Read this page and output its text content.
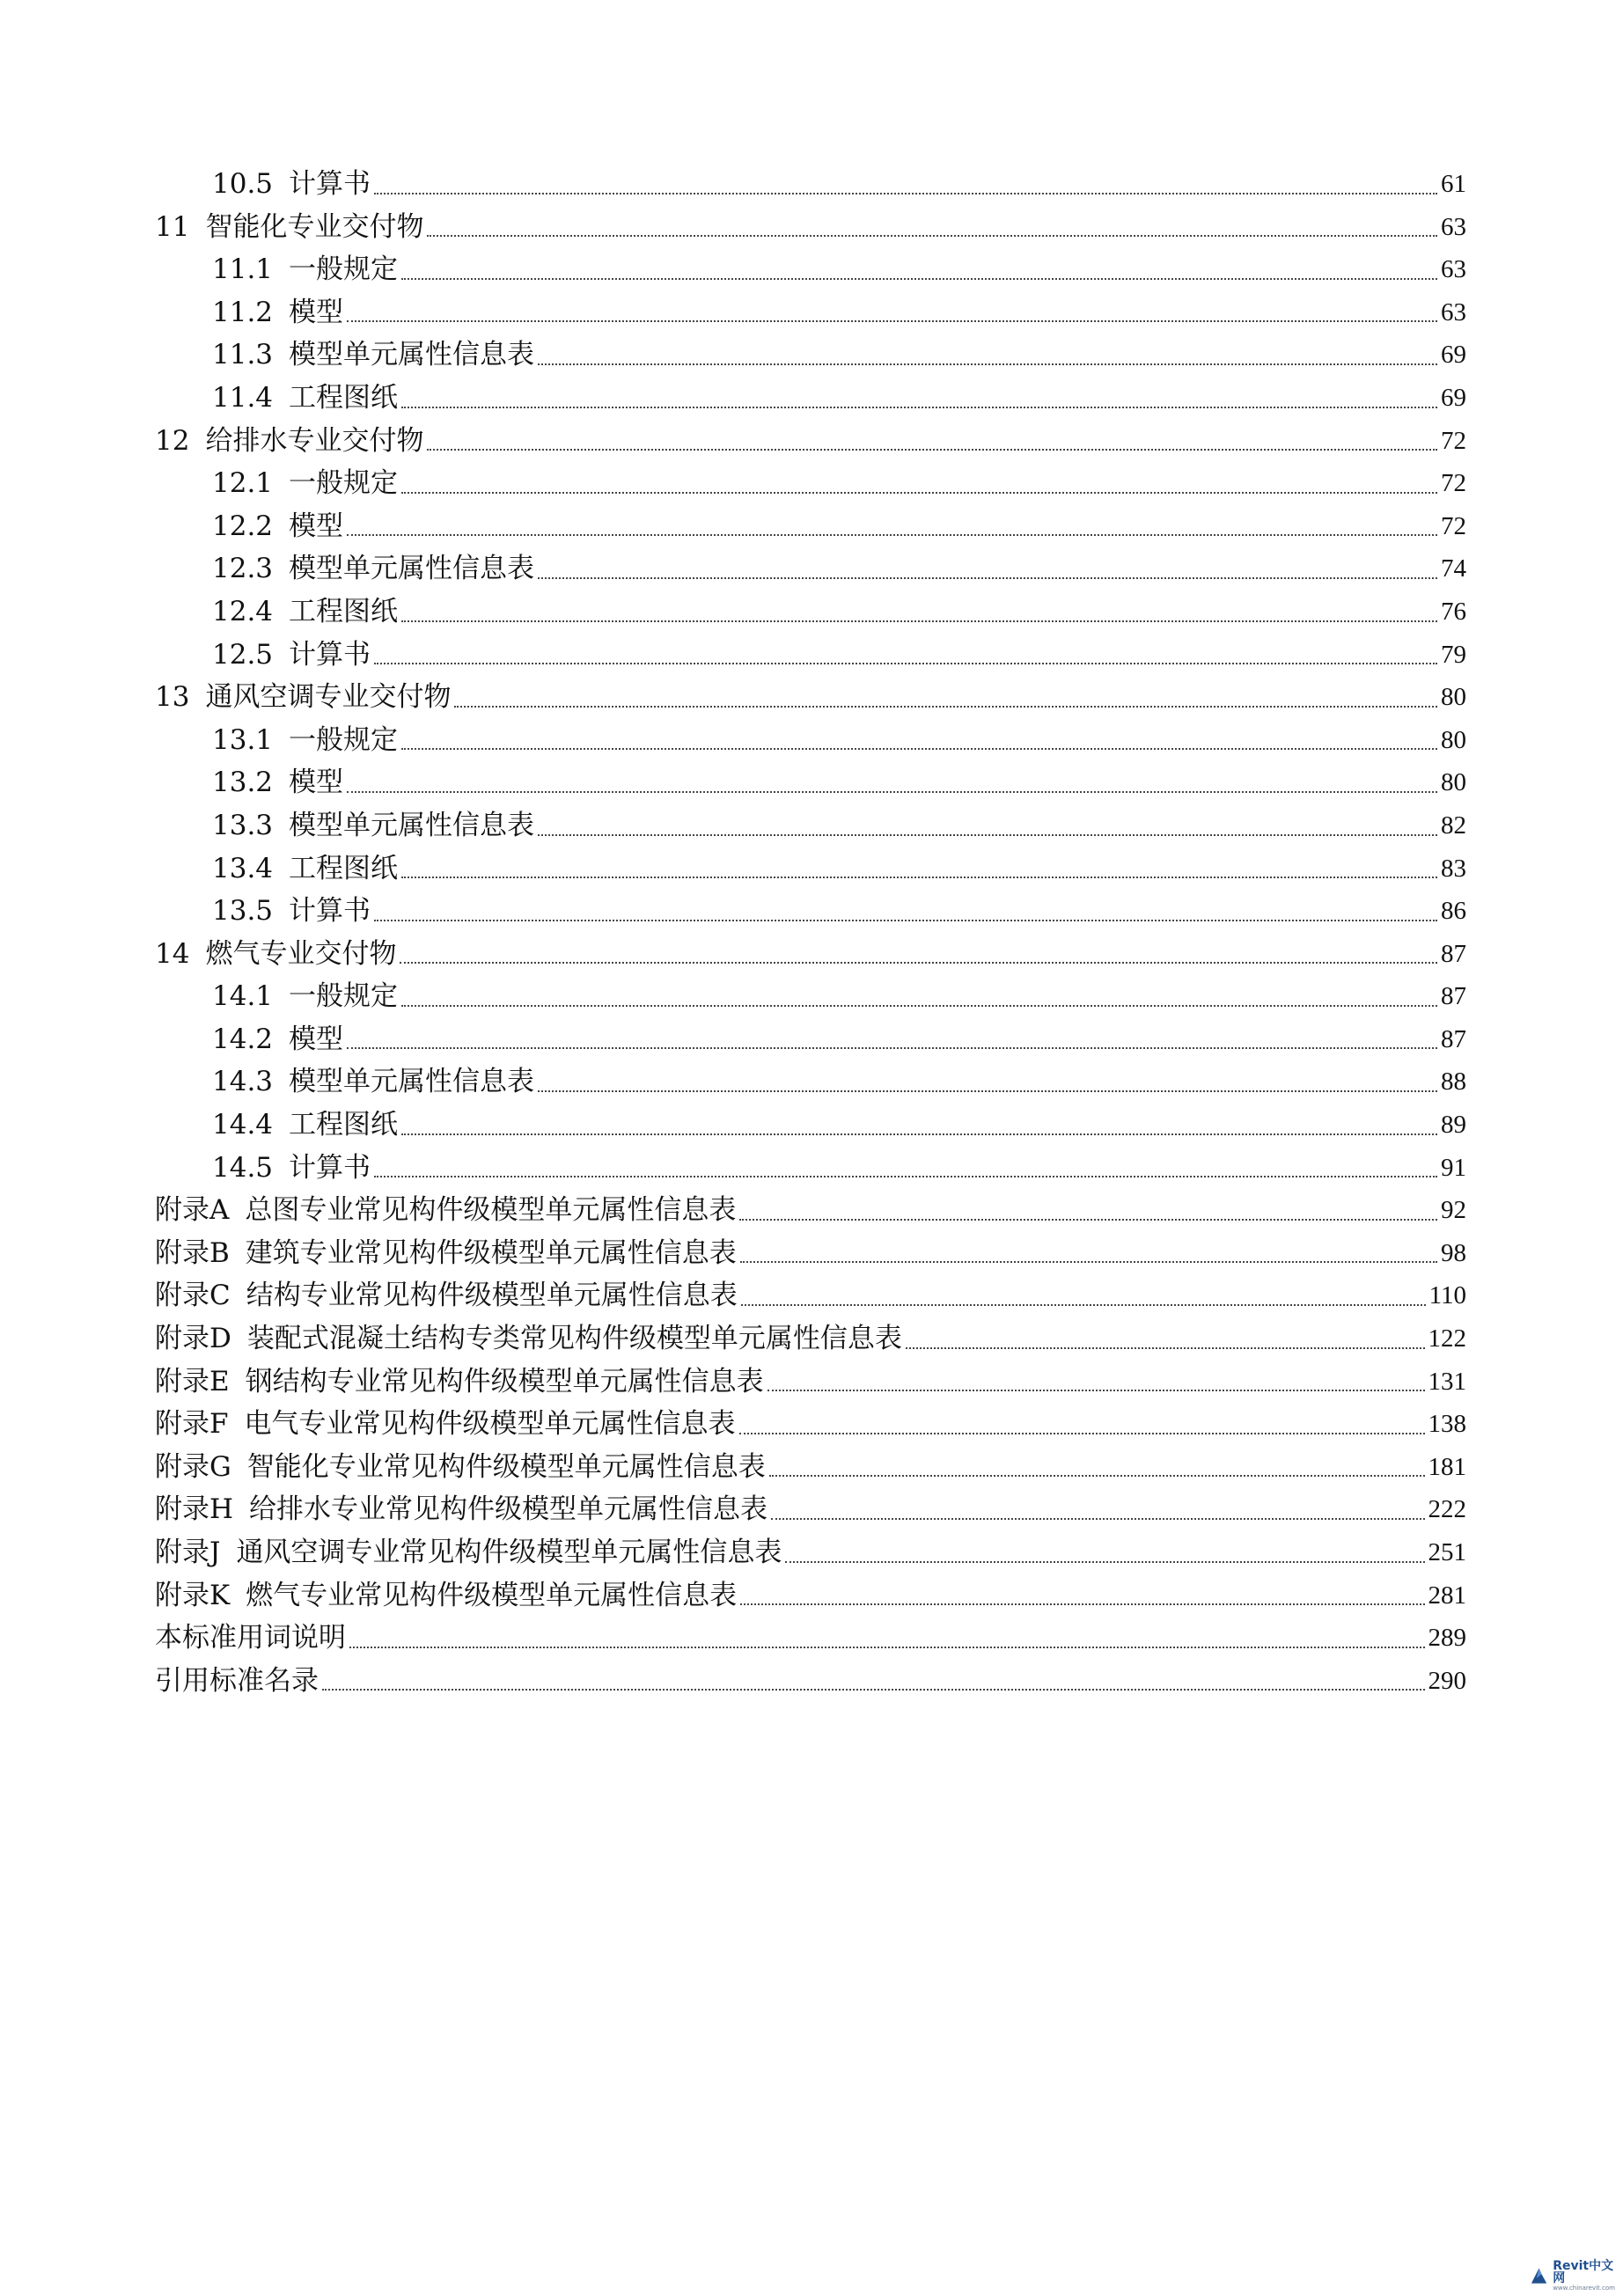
10.5 计算书	61
11 智能化专业交付物	63
11.1 一般规定	63
11.2 模型	63
11.3 模型单元属性信息表	69
11.4 工程图纸	69
12 给排水专业交付物	72
12.1 一般规定	72
12.2 模型	72
12.3 模型单元属性信息表	74
12.4 工程图纸	76
12.5 计算书	79
13 通风空调专业交付物	80
13.1 一般规定	80
13.2 模型	80
13.3 模型单元属性信息表	82
13.4 工程图纸	83
13.5 计算书	86
14 燃气专业交付物	87
14.1 一般规定	87
14.2 模型	87
14.3 模型单元属性信息表	88
14.4 工程图纸	89
14.5 计算书	91
附录A 总图专业常见构件级模型单元属性信息表	92
附录B 建筑专业常见构件级模型单元属性信息表	98
附录C 结构专业常见构件级模型单元属性信息表	110
附录D 装配式混凝土结构专类常见构件级模型单元属性信息表	122
附录E 钢结构专业常见构件级模型单元属性信息表	131
附录F 电气专业常见构件级模型单元属性信息表	138
附录G 智能化专业常见构件级模型单元属性信息表	181
附录H 给排水专业常见构件级模型单元属性信息表	222
附录J 通风空调专业常见构件级模型单元属性信息表	251
附录K 燃气专业常见构件级模型单元属性信息表	281
本标准用词说明	289
引用标准名录	290
Revit中文网
www.chinarevit.com
